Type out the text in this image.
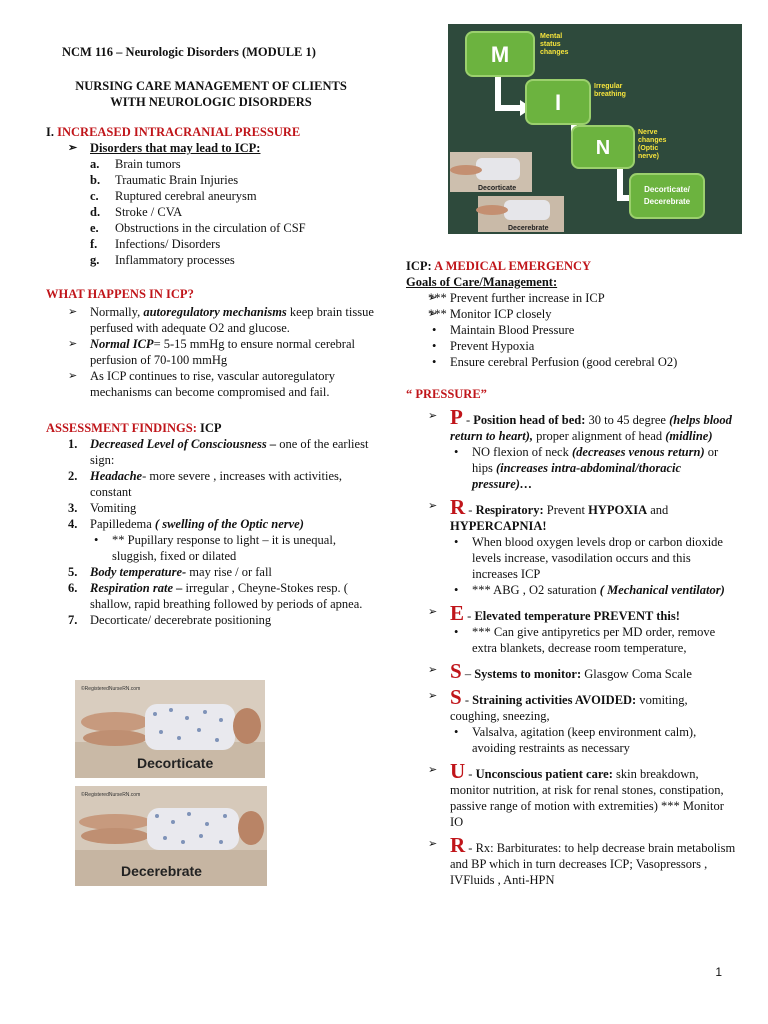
NCM 116 – Neurologic Disorders (MODULE 1)
NURSING CARE MANAGEMENT OF CLIENTS
WITH NEUROLOGIC DISORDERS
I. INCREASED INTRACRANIAL PRESSURE
➢ Disorders that may lead to ICP:
a. Brain tumors
b. Traumatic Brain Injuries
c. Ruptured cerebral aneurysm
d. Stroke / CVA
e. Obstructions in the circulation of CSF
f. Infections/ Disorders
g. Inflammatory processes
WHAT HAPPENS IN ICP?
➢ Normally, autoregulatory mechanisms keep brain tissue perfused with adequate O2 and glucose.
➢ Normal ICP= 5-15 mmHg to ensure normal cerebral perfusion of 70-100 mmHg
➢ As ICP continues to rise, vascular autoregulatory mechanisms can become compromised and fail.
ASSESSMENT FINDINGS: ICP
1. Decreased Level of Consciousness – one of the earliest sign:
2. Headache- more severe , increases with activities, constant
3. Vomiting
4. Papilledema ( swelling of the Optic nerve)
• ** Pupillary response to light – it is unequal, sluggish, fixed or dilated
5. Body temperature- may rise / or fall
6. Respiration rate – irregular , Cheyne-Stokes resp. ( shallow, rapid breathing followed by periods of apnea.
7. Decorticate/ decerebrate positioning
©RegisteredNurseRN.com
Decorticate
©RegisteredNurseRN.com
Decerebrate
M
I
N
Decorticate/
Decerebrate
Mental status changes
Irregular breathing
Nerve changes (Optic nerve)
Decorticate
Decerebrate
ICP: A MEDICAL EMERGENCY
Goals of Care/Management:
➢ *** Prevent further increase in ICP
➢ *** Monitor ICP closely
• Maintain Blood Pressure
• Prevent Hypoxia
• Ensure cerebral Perfusion (good cerebral O2)
“ PRESSURE”
➢ P - Position head of bed: 30 to 45 degree (helps blood return to heart), proper alignment of head (midline)
• NO flexion of neck (decreases venous return) or hips (increases intra-abdominal/thoracic pressure)…
➢ R - Respiratory: Prevent HYPOXIA and HYPERCAPNIA!
• When blood oxygen levels drop or carbon dioxide levels increase, vasodilation occurs and this increases ICP
• *** ABG , O2 saturation ( Mechanical ventilator)
➢ E - Elevated temperature PREVENT this!
• *** Can give antipyretics per MD order, remove extra blankets, decrease room temperature,
➢ S – Systems to monitor: Glasgow Coma Scale
➢ S - Straining activities AVOIDED: vomiting, coughing, sneezing,
• Valsalva, agitation (keep environment calm), avoiding restraints as necessary
➢ U - Unconscious patient care: skin breakdown, monitor nutrition, at risk for renal stones, constipation, passive range of motion with extremities) *** Monitor IO
➢ R - Rx: Barbiturates: to help decrease brain metabolism and BP which in turn decreases ICP; Vasopressors , IVFluids , Anti-HPN
1
